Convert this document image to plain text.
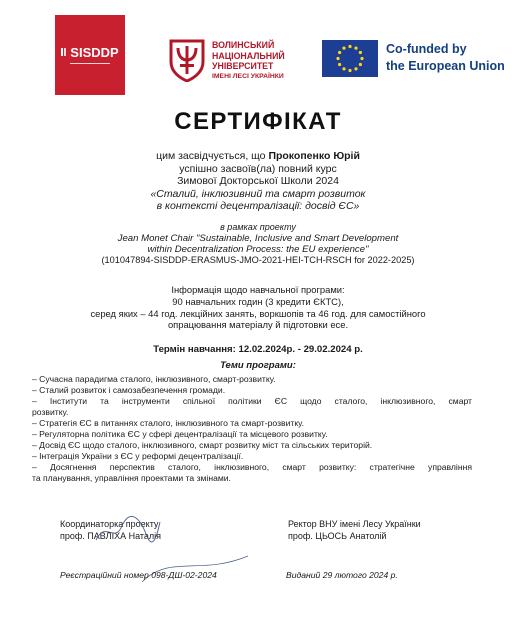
SISDDP	ВОЛИНСЬКИЙ
НАЦІОНАЛЬНИЙ
УНІВЕРСИТЕТ
ІМЕНІ ЛЕСІ УКРАЇНКИ
Co-funded by
the European Union
СЕРТИФІКАТ
цим засвідчується, що Прокопенко Юрій
успішно засвоїв(ла) повний курс
Зимової Докторської Школи 2024
«Сталий, інклюзивний та смарт розвиток
в контексті децентралізації: досвід ЄС»
в рамках проекту
Jean Monet Chair "Sustainable, Inclusive and Smart Development
within Decentralization Process: the EU experience"
(101047894-SISDDP-ERASMUS-JMO-2021-HEI-TCH-RSCH for 2022-2025)
Інформація щодо навчальної програми:
90 навчальних годин (3 кредити ЄКТС),
серед яких – 44 год. лекційних занять, воркшопів та 46 год. для самостійного
опрацювання матеріалу й підготовки есе.
Термін навчання: 12.02.2024р. - 29.02.2024 р.
Теми програми:
– Сучасна парадигма сталого, інклюзивного, смарт-розвитку.
– Сталий розвиток і самозабезпечення громади.
– Інститути та інструменти спільної політики ЄС щодо сталого, інклюзивного, смарт
розвитку.
– Стратегія ЄС в питаннях сталого, інклюзивного та смарт-розвитку.
– Регуляторна політика ЄС у сфері децентралізації та місцевого розвитку.
– Досвід ЄС щодо сталого, інклюзивного, смарт розвитку міст та сільських територій.
– Інтеграція України з ЄС у реформі децентралізації.
– Досягнення перспектив сталого, інклюзивного, смарт розвитку: стратегічне управління
та планування, управління проектами та змінами.
Координаторка проекту
проф. ПАВЛІХА Наталія
Ректор ВНУ імені Лесу Українки
проф. ЦЬОСЬ Анатолій
Реєстраційний номер 098-ДШ-02-2024	Виданий 29 лютого 2024 р.
